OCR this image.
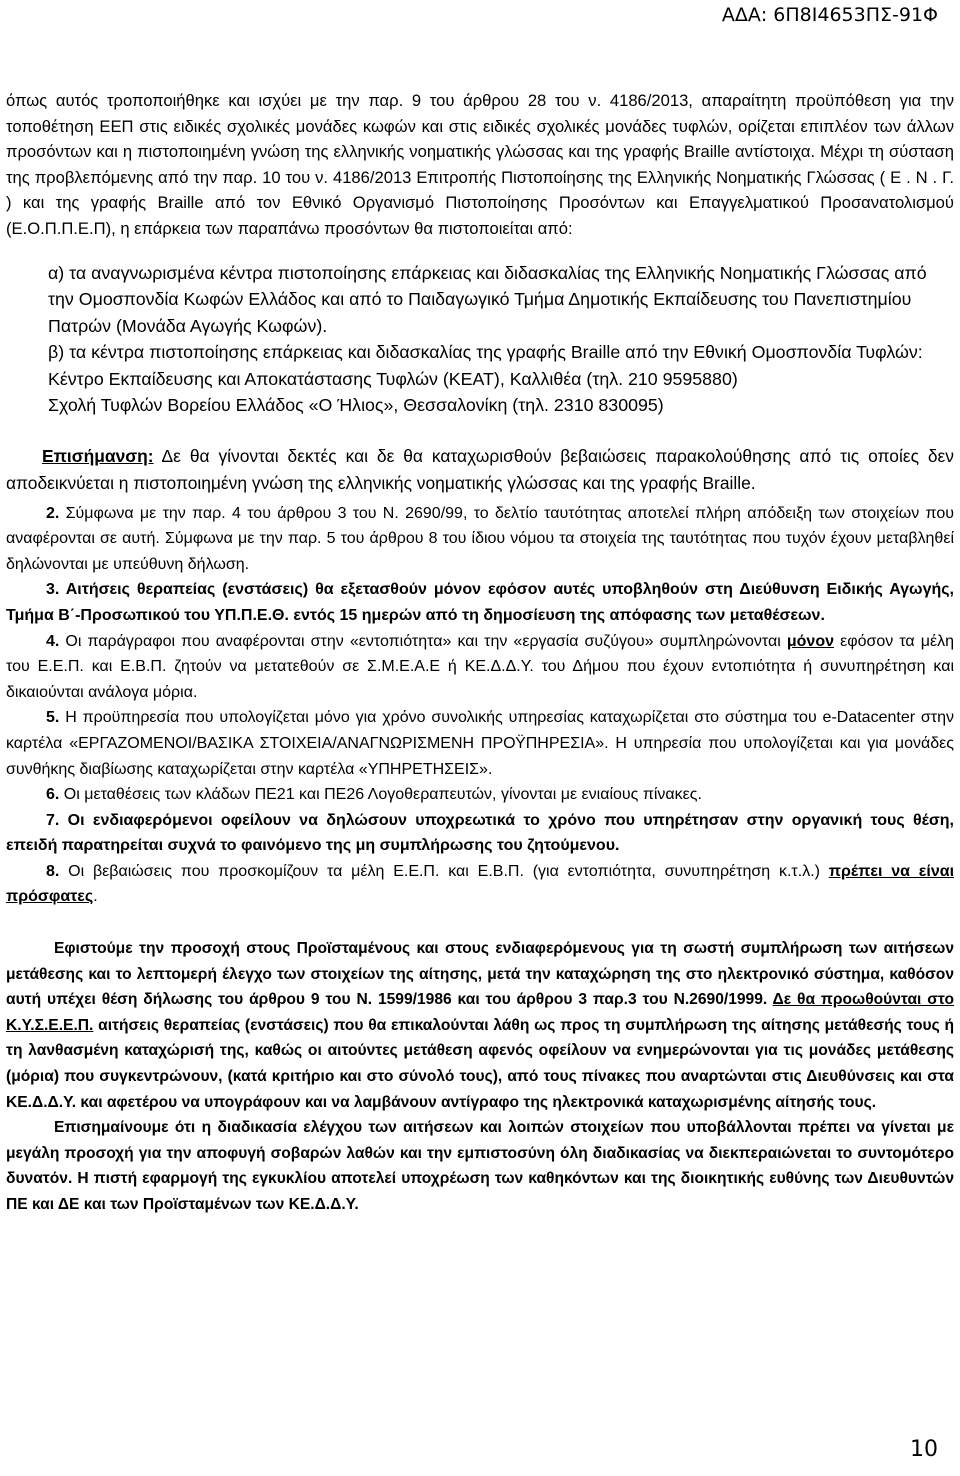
ΑΔΑ: 6Π8Ι4653ΠΣ-91Φ

όπως αυτός τροποποιήθηκε και ισχύει με την παρ. 9 του άρθρου 28 του ν. 4186/2013, απαραίτητη προϋπόθεση για την τοποθέτηση ΕΕΠ στις ειδικές σχολικές μονάδες κωφών και στις ειδικές σχολικές μονάδες τυφλών, ορίζεται επιπλέον των άλλων προσόντων και η πιστοποιημένη γνώση της ελληνικής νοηματικής γλώσσας και της γραφής Braille αντίστοιχα. Μέχρι τη σύσταση της προβλεπόμενης από την παρ. 10 του ν. 4186/2013 Επιτροπής Πιστοποίησης της Ελληνικής Νοηματικής Γλώσσας ( Ε . Ν . Γ. ) και της γραφής Braille από τον Εθνικό Οργανισμό Πιστοποίησης Προσόντων και Επαγγελματικού Προσανατολισμού (Ε.Ο.Π.Π.Ε.Π), η επάρκεια των παραπάνω προσόντων θα πιστοποιείται από:

α) τα αναγνωρισμένα κέντρα πιστοποίησης επάρκειας και διδασκαλίας της Ελληνικής Νοηματικής Γλώσσας από την Ομοσπονδία Κωφών Ελλάδος και από το Παιδαγωγικό Τμήμα Δημοτικής Εκπαίδευσης του Πανεπιστημίου Πατρών (Μονάδα Αγωγής Κωφών).

β) τα κέντρα πιστοποίησης επάρκειας και διδασκαλίας της γραφής Braille από την Εθνική Ομοσπονδία Τυφλών:

Κέντρο Εκπαίδευσης και Αποκατάστασης Τυφλών (ΚΕΑΤ), Καλλιθέα (τηλ. 210 9595880)

Σχολή Τυφλών Βορείου Ελλάδος «Ο Ήλιος», Θεσσαλονίκη (τηλ. 2310 830095)

Επισήμανση: Δε θα γίνονται δεκτές και δε θα καταχωρισθούν βεβαιώσεις παρακολούθησης από τις οποίες δεν αποδεικνύεται η πιστοποιημένη γνώση της ελληνικής νοηματικής γλώσσας και της γραφής Braille.

2. Σύμφωνα με την παρ. 4 του άρθρου 3 του Ν. 2690/99, το δελτίο ταυτότητας αποτελεί πλήρη απόδειξη των στοιχείων που αναφέρονται σε αυτή. Σύμφωνα με την παρ. 5 του άρθρου 8 του ίδιου νόμου τα στοιχεία της ταυτότητας που τυχόν έχουν μεταβληθεί δηλώνονται με υπεύθυνη δήλωση.

3. Αιτήσεις θεραπείας (ενστάσεις) θα εξετασθούν μόνον εφόσον αυτές υποβληθούν στη Διεύθυνση Ειδικής Αγωγής, Τμήμα Β΄-Προσωπικού του ΥΠ.Π.Ε.Θ. εντός 15 ημερών από τη δημοσίευση της απόφασης των μεταθέσεων.

4. Οι παράγραφοι που αναφέρονται στην «εντοπιότητα» και την «εργασία συζύγου» συμπληρώνονται μόνον εφόσον τα μέλη του Ε.Ε.Π. και Ε.Β.Π. ζητούν να μετατεθούν σε Σ.Μ.Ε.Α.Ε ή ΚΕ.Δ.Δ.Υ. του Δήμου που έχουν εντοπιότητα ή συνυπηρέτηση και δικαιούνται ανάλογα μόρια.

5. Η προϋπηρεσία που υπολογίζεται μόνο για χρόνο συνολικής υπηρεσίας καταχωρίζεται στο σύστημα του e-Datacenter στην καρτέλα «ΕΡΓΑΖΟΜΕΝΟΙ/ΒΑΣΙΚΑ ΣΤΟΙΧΕΙΑ/ΑΝΑΓΝΩΡΙΣΜΕΝΗ ΠΡΟΫΠΗΡΕΣΙΑ». Η υπηρεσία που υπολογίζεται και για μονάδες συνθήκης διαβίωσης καταχωρίζεται στην καρτέλα «ΥΠΗΡΕΤΗΣΕΙΣ».

6. Οι μεταθέσεις των κλάδων ΠΕ21 και ΠΕ26 Λογοθεραπευτών, γίνονται με ενιαίους πίνακες.

7. Οι ενδιαφερόμενοι οφείλουν να δηλώσουν υποχρεωτικά το χρόνο που υπηρέτησαν στην οργανική τους θέση, επειδή παρατηρείται συχνά το φαινόμενο της μη συμπλήρωσης του ζητούμενου.

8. Οι βεβαιώσεις που προσκομίζουν τα μέλη Ε.Ε.Π. και Ε.Β.Π. (για εντοπιότητα, συνυπηρέτηση κ.τ.λ.) πρέπει να είναι πρόσφατες.

Εφιστούμε την προσοχή στους Προϊσταμένους και στους ενδιαφερόμενους για τη σωστή συμπλήρωση των αιτήσεων μετάθεσης και το λεπτομερή έλεγχο των στοιχείων της αίτησης, μετά την καταχώρηση της στο ηλεκτρονικό σύστημα, καθόσον αυτή υπέχει θέση δήλωσης του άρθρου 9 του Ν. 1599/1986 και του άρθρου 3 παρ.3 του Ν.2690/1999. Δε θα προωθούνται στο Κ.Υ.Σ.Ε.Ε.Π. αιτήσεις θεραπείας (ενστάσεις) που θα επικαλούνται λάθη ως προς τη συμπλήρωση της αίτησης μετάθεσής τους ή τη λανθασμένη καταχώρισή της, καθώς οι αιτούντες μετάθεση αφενός οφείλουν να ενημερώνονται για τις μονάδες μετάθεσης (μόρια) που συγκεντρώνουν, (κατά κριτήριο και στο σύνολό τους), από τους πίνακες που αναρτώνται στις Διευθύνσεις και στα ΚΕ.Δ.Δ.Υ. και αφετέρου να υπογράφουν και να λαμβάνουν αντίγραφο της ηλεκτρονικά καταχωρισμένης αίτησής τους.

Επισημαίνουμε ότι η διαδικασία ελέγχου των αιτήσεων και λοιπών στοιχείων που υποβάλλονται πρέπει να γίνεται με μεγάλη προσοχή για την αποφυγή σοβαρών λαθών και την εμπιστοσύνη όλη διαδικασίας να διεκπεραιώνεται το συντομότερο δυνατόν. Η πιστή εφαρμογή της εγκυκλίου αποτελεί υποχρέωση των καθηκόντων και της διοικητικής ευθύνης των Διευθυντών ΠΕ και ΔΕ και των Προϊσταμένων των ΚΕ.Δ.Δ.Υ.

10
